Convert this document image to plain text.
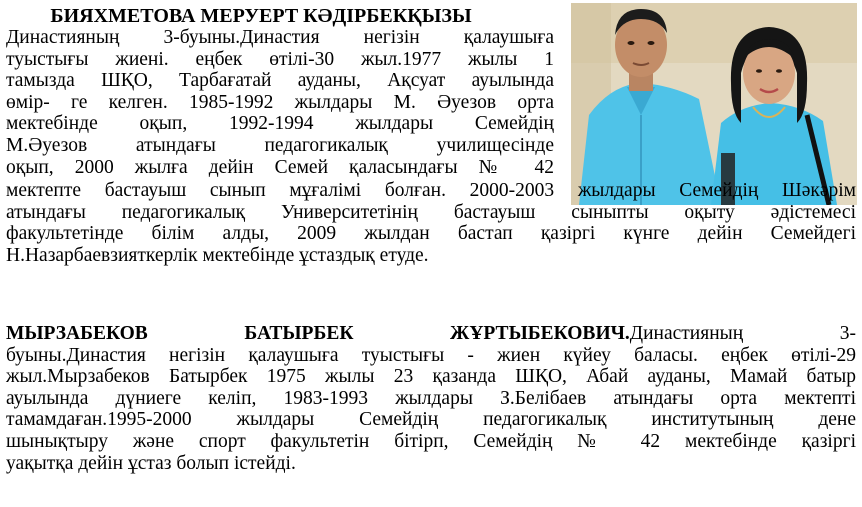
БИЯХМЕТОВА МЕРУЕРТ КӘДІРБЕКҚЫЗЫ
Династияның 3-буыны.Династия негізін қалаушыға
туыстығы жиені. еңбек өтілі-30 жыл.1977 жылы 1
тамызда ШҚО, Тарбағатай ауданы, Ақсуат ауылында
өмір- ге келген. 1985-1992 жылдары М. Әуезов орта
мектебінде оқып, 1992-1994 жылдары Семейдің
М.Әуезов атындағы педагогикалық училищесінде
оқып, 2000 жылға дейін Семей қаласындағы № 42
мектепте бастауыш сынып мұғалімі болған. 2000-2003 жылдары Семейдің Шәкәрім
атындағы педагогикалық Университетінің бастауыш сыныпты оқыту әдістемесі
факультетінде білім алды, 2009 жылдан бастап қазіргі күнге дейін Семейдегі
Н.Назарбаевзияткерлік мектебінде ұстаздық етуде.
МЫРЗАБЕКОВ	БАТЫРБЕК	ЖҰРТЫБЕКОВИЧ.Династияның	3-
буыны.Династия негізін қалаушыға туыстығы - жиен күйеу баласы. еңбек өтілі-29
жыл.Мырзабеков Батырбек 1975 жылы 23 қазанда ШҚО, Абай ауданы, Мамай батыр
ауылында дүниеге келіп, 1983-1993 жылдары З.Белібаев атындағы орта мектепті
тамамдаған.1995-2000 жылдары Семейдің педагогикалық институтының дене
шынықтыру және спорт факультетін бітірп, Семейдің № 42 мектебінде қазіргі
уақытқа дейін ұстаз болып істейді.
